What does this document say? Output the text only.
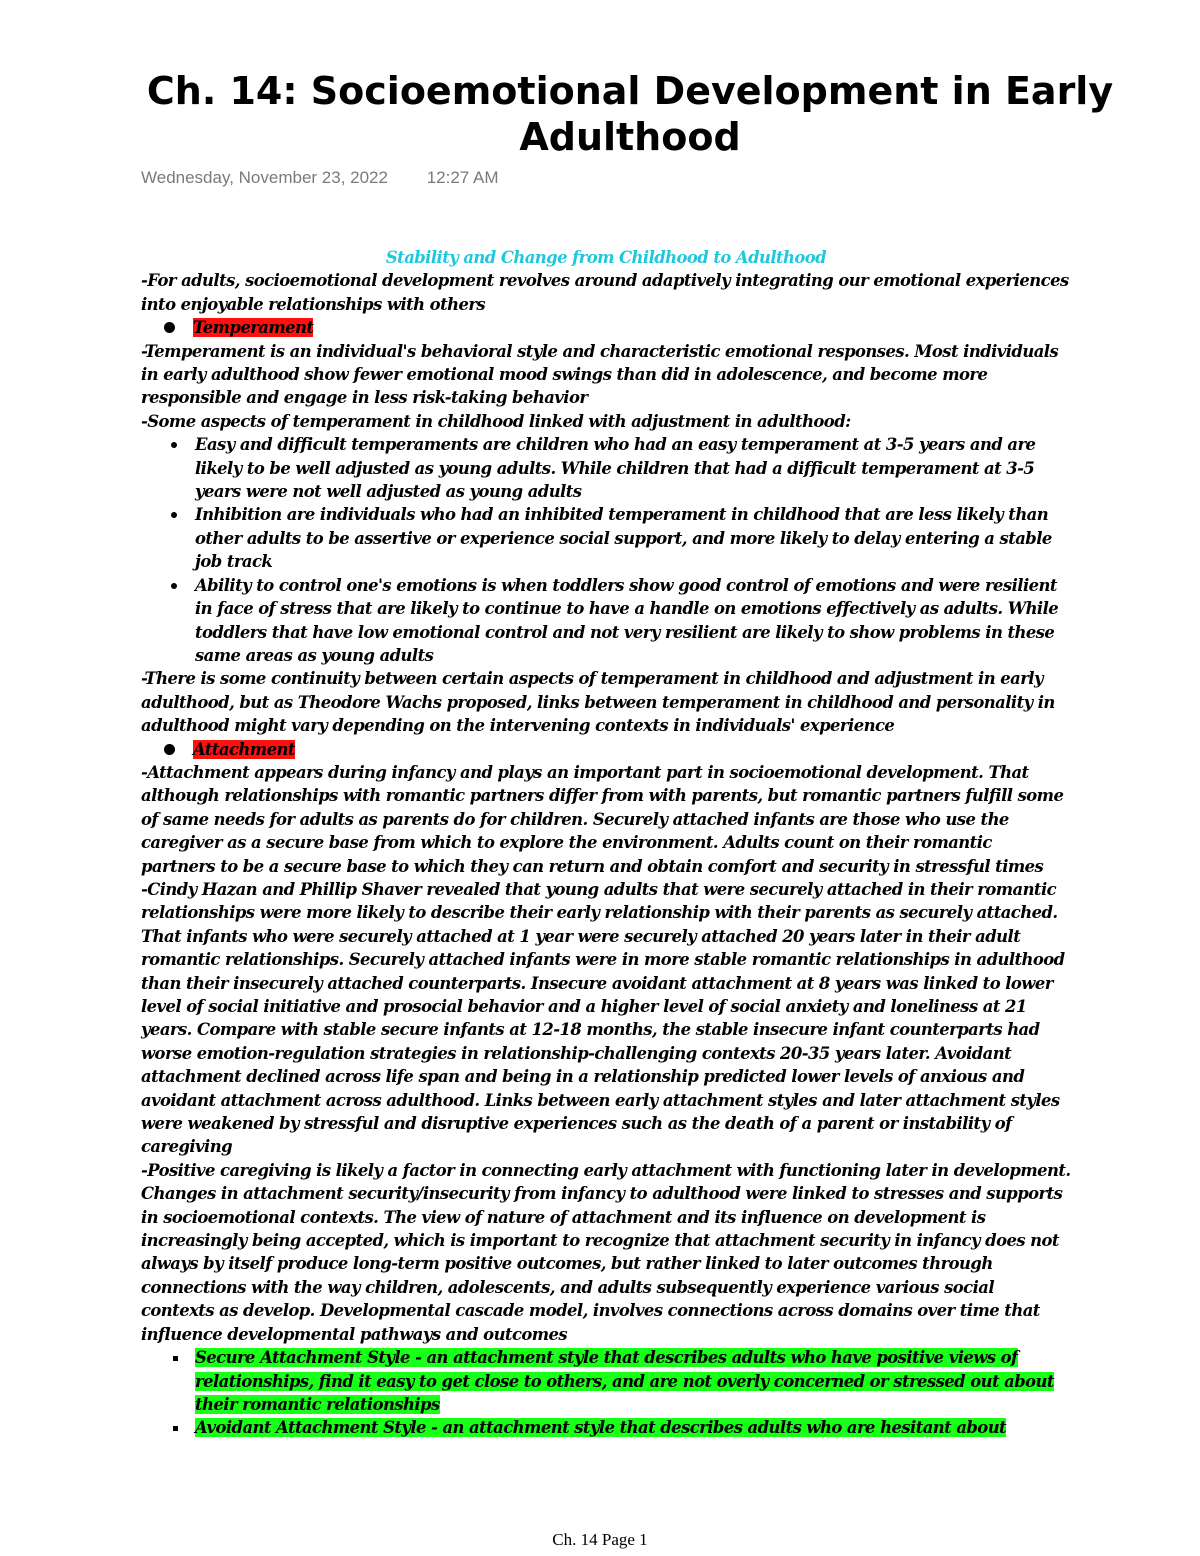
Ch. 14: Socioemotional Development in Early Adulthood
Wednesday, November 23, 2022 12:27 AM

Stability and Change from Childhood to Adulthood

-For adults, socioemotional development revolves around adaptively integrating our emotional experiences into enjoyable relationships with others

Temperament

-Temperament is an individual's behavioral style and characteristic emotional responses. Most individuals in early adulthood show fewer emotional mood swings than did in adolescence, and become more responsible and engage in less risk-taking behavior

-Some aspects of temperament in childhood linked with adjustment in adulthood:

Easy and difficult temperaments are children who had an easy temperament at 3-5 years and are likely to be well adjusted as young adults. While children that had a difficult temperament at 3-5 years were not well adjusted as young adults
Inhibition are individuals who had an inhibited temperament in childhood that are less likely than other adults to be assertive or experience social support, and more likely to delay entering a stable job track
Ability to control one's emotions is when toddlers show good control of emotions and were resilient in face of stress that are likely to continue to have a handle on emotions effectively as adults. While toddlers that have low emotional control and not very resilient are likely to show problems in these same areas as young adults

-There is some continuity between certain aspects of temperament in childhood and adjustment in early adulthood, but as Theodore Wachs proposed, links between temperament in childhood and personality in adulthood might vary depending on the intervening contexts in individuals' experience

Attachment

-Attachment appears during infancy and plays an important part in socioemotional development. That although relationships with romantic partners differ from with parents, but romantic partners fulfill some of same needs for adults as parents do for children. Securely attached infants are those who use the caregiver as a secure base from which to explore the environment. Adults count on their romantic partners to be a secure base to which they can return and obtain comfort and security in stressful times

-Cindy Hazan and Phillip Shaver revealed that young adults that were securely attached in their romantic relationships were more likely to describe their early relationship with their parents as securely attached. That infants who were securely attached at 1 year were securely attached 20 years later in their adult romantic relationships. Securely attached infants were in more stable romantic relationships in adulthood than their insecurely attached counterparts. Insecure avoidant attachment at 8 years was linked to lower level of social initiative and prosocial behavior and a higher level of social anxiety and loneliness at 21 years. Compare with stable secure infants at 12-18 months, the stable insecure infant counterparts had worse emotion-regulation strategies in relationship-challenging contexts 20-35 years later. Avoidant attachment declined across life span and being in a relationship predicted lower levels of anxious and avoidant attachment across adulthood. Links between early attachment styles and later attachment styles were weakened by stressful and disruptive experiences such as the death of a parent or instability of caregiving

-Positive caregiving is likely a factor in connecting early attachment with functioning later in development. Changes in attachment security/insecurity from infancy to adulthood were linked to stresses and supports in socioemotional contexts. The view of nature of attachment and its influence on development is increasingly being accepted, which is important to recognize that attachment security in infancy does not always by itself produce long-term positive outcomes, but rather linked to later outcomes through connections with the way children, adolescents, and adults subsequently experience various social contexts as develop. Developmental cascade model, involves connections across domains over time that influence developmental pathways and outcomes

Secure Attachment Style - an attachment style that describes adults who have positive views of relationships, find it easy to get close to others, and are not overly concerned or stressed out about their romantic relationships
Avoidant Attachment Style - an attachment style that describes adults who are hesitant about
Ch. 14 Page 1
